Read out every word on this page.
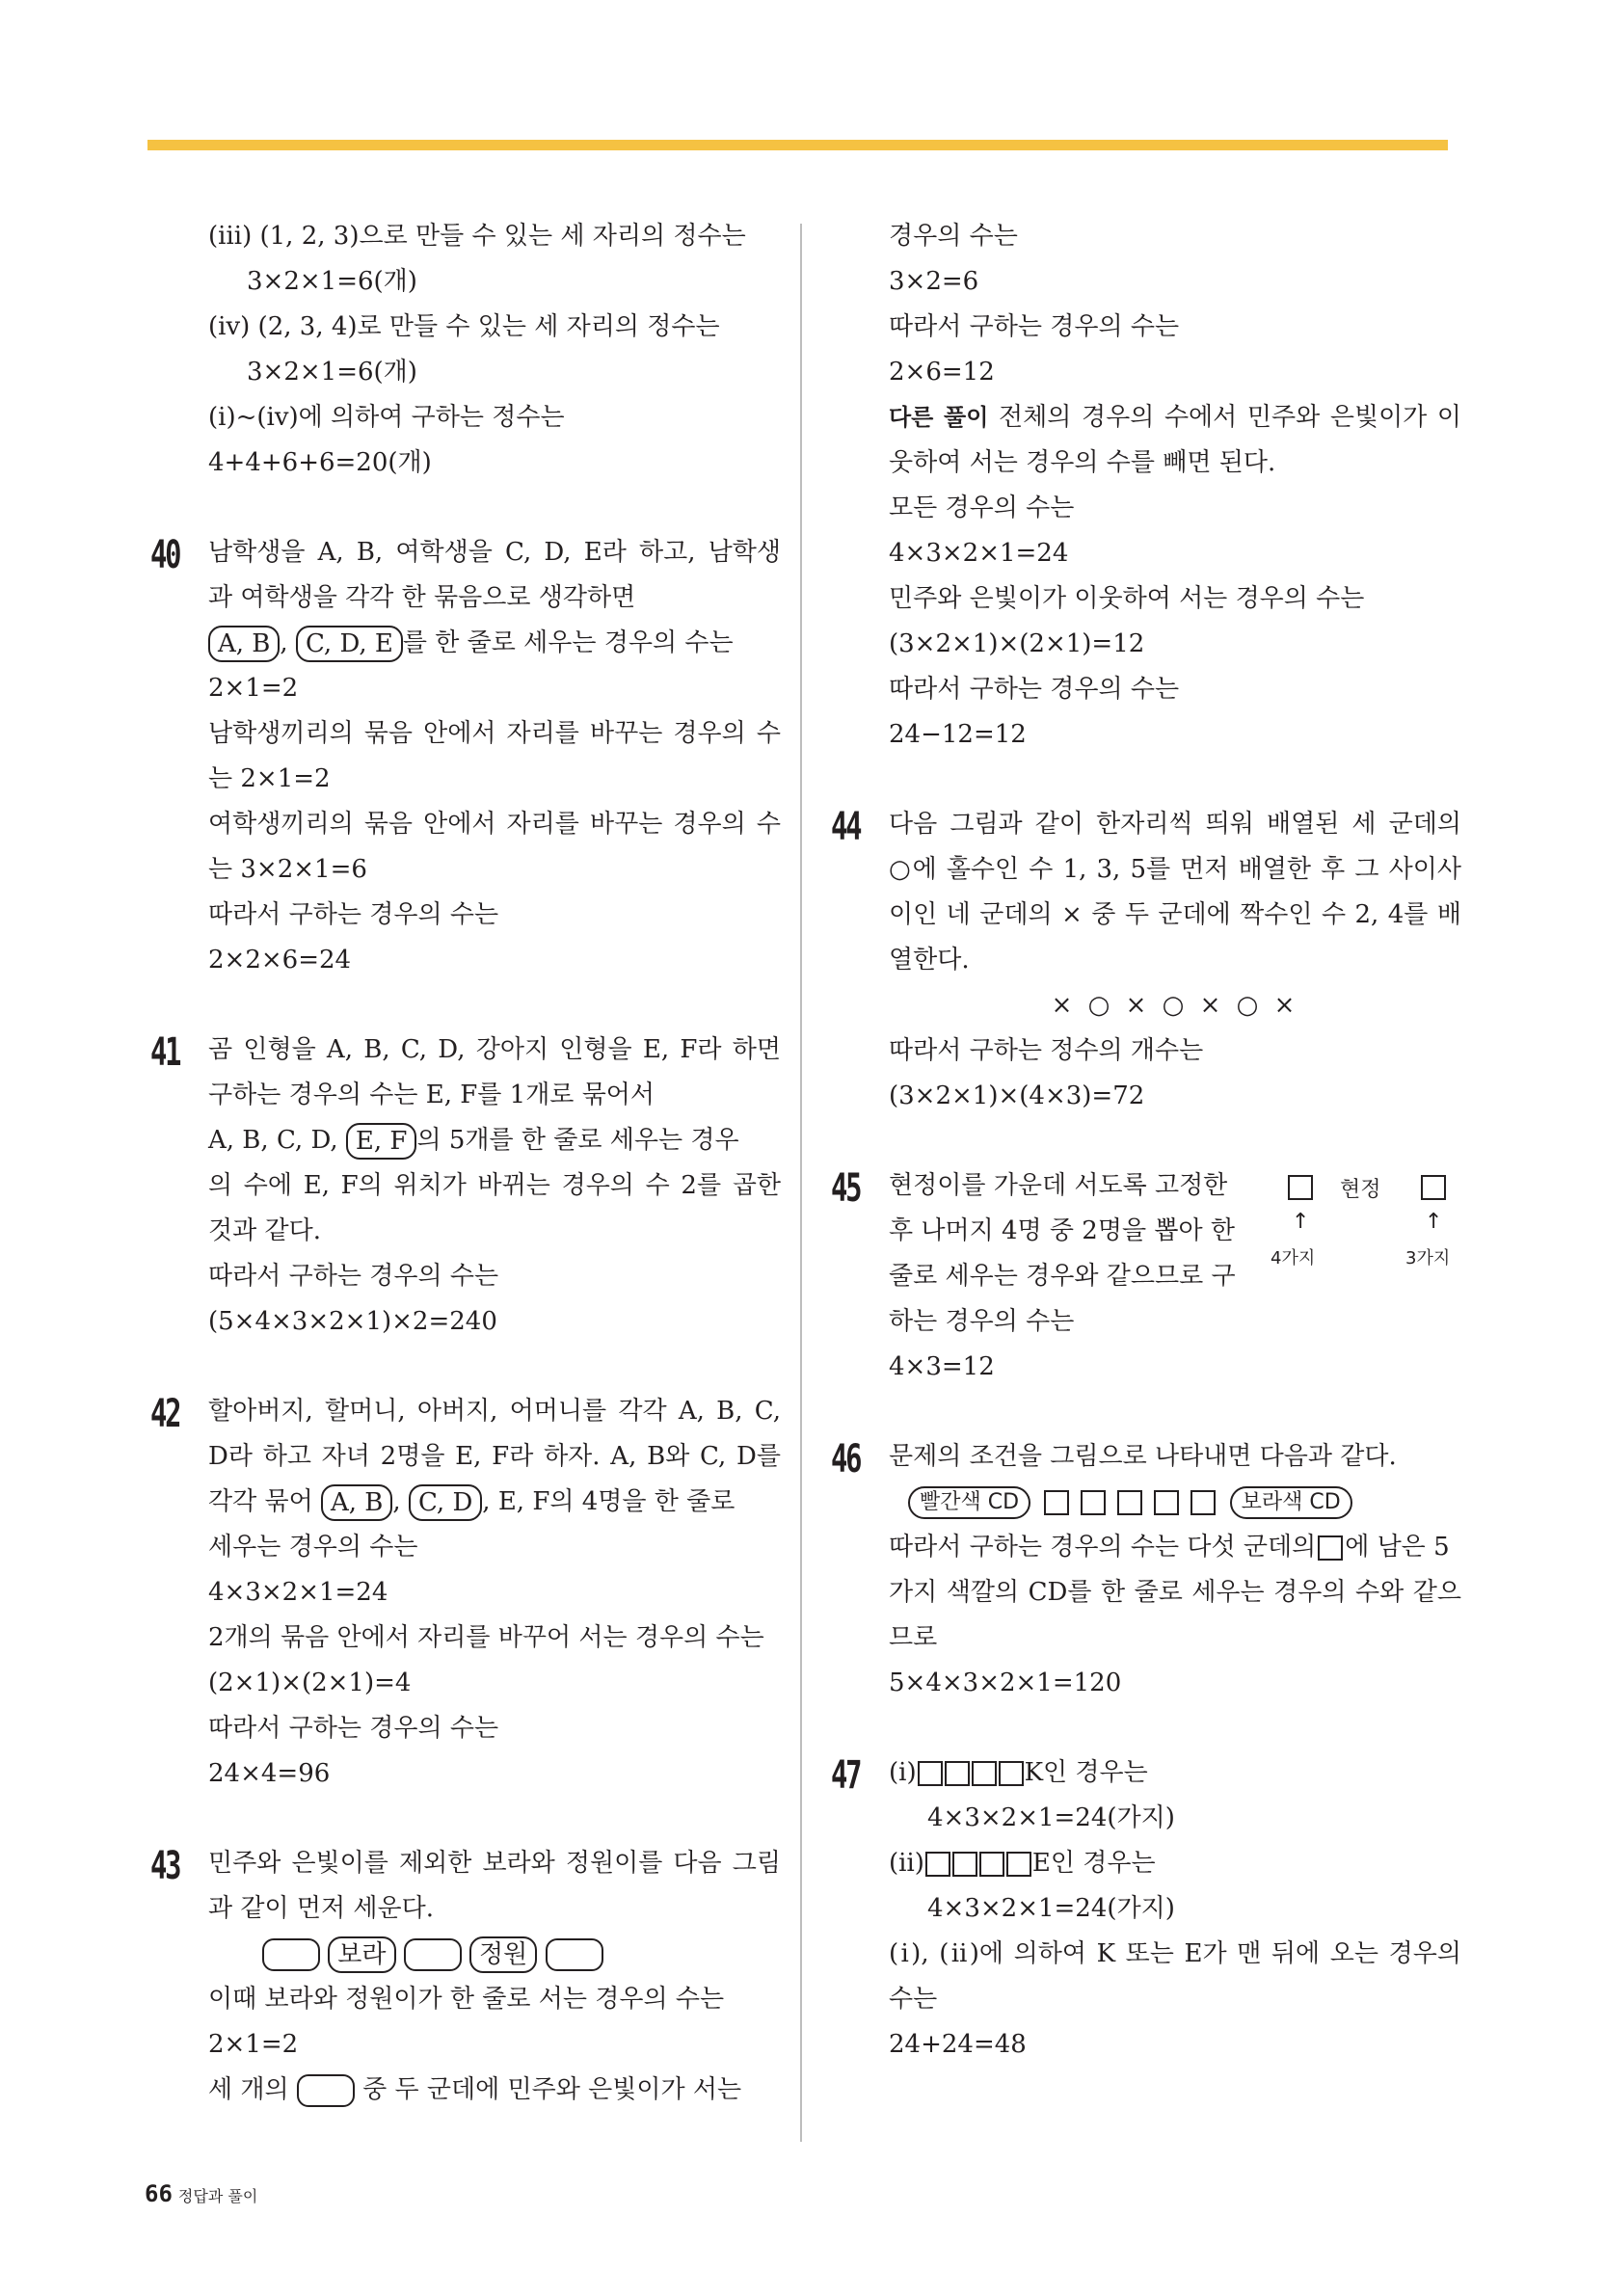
(ⅲ) (1, 2, 3)으로 만들 수 있는 세 자리의 정수는
3×2×1=6(개)
(ⅳ) (2, 3, 4)로 만들 수 있는 세 자리의 정수는
3×2×1=6(개)
(ⅰ)~(ⅳ)에 의하여 구하는 정수는
4+4+6+6=20(개)
40 남학생을 A, B, 여학생을 C, D, E라 하고, 남학생
과 여학생을 각각 한 묶음으로 생각하면
A, B , C, D, E 를 한 줄로 세우는 경우의 수는
2×1=2
남학생끼리의 묶음 안에서 자리를 바꾸는 경우의 수
는 2×1=2
여학생끼리의 묶음 안에서 자리를 바꾸는 경우의 수
는 3×2×1=6
따라서 구하는 경우의 수는
2×2×6=24
41 곰 인형을 A, B, C, D, 강아지 인형을 E, F라 하면
구하는 경우의 수는 E, F를 1개로 묶어서
A, B, C, D, E, F 의 5개를 한 줄로 세우는 경우
의 수에 E, F의 위치가 바뀌는 경우의 수 2를 곱한
것과 같다.
따라서 구하는 경우의 수는
(5×4×3×2×1)×2=240
42 할아버지, 할머니, 아버지, 어머니를 각각 A, B, C,
D라 하고 자녀 2명을 E, F라 하자. A, B와 C, D를
각각 묶어 A, B , C, D , E, F의 4명을 한 줄로
세우는 경우의 수는
4×3×2×1=24
2개의 묶음 안에서 자리를 바꾸어 서는 경우의 수는
(2×1)×(2×1)=4
따라서 구하는 경우의 수는
24×4=96
43 민주와 은빛이를 제외한 보라와 정원이를 다음 그림
과 같이 먼저 세운다.
보라	정원
이때 보라와 정원이가 한 줄로 서는 경우의 수는
2×1=2
세 개의	중 두 군데에 민주와 은빛이가 서는
경우의 수는
3×2=6
따라서 구하는 경우의 수는
2×6=12
다른 풀이 전체의 경우의 수에서 민주와 은빛이가 이
웃하여 서는 경우의 수를 빼면 된다.
모든 경우의 수는
4×3×2×1=24
민주와 은빛이가 이웃하여 서는 경우의 수는
(3×2×1)×(2×1)=12
따라서 구하는 경우의 수는
24−12=12
44 다음 그림과 같이 한자리씩 띄워 배열된 세 군데의
○에 홀수인 수 1, 3, 5를 먼저 배열한 후 그 사이사
이인 네 군데의 × 중 두 군데에 짝수인 수 2, 4를 배
열한다.
× ○ × ○ × ○ ×
따라서 구하는 정수의 개수는
(3×2×1)×(4×3)=72
45 현정이를 가운데 서도록 고정한
후 나머지 4명 중 2명을 뽑아 한
줄로 세우는 경우와 같으므로 구
하는 경우의 수는
4×3=12
현정
↑	↑
4가지	3가지
46 문제의 조건을 그림으로 나타내면 다음과 같다.
빨간색 CD	보라색 CD
따라서 구하는 경우의 수는 다섯 군데의 에 남은 5
가지 색깔의 CD를 한 줄로 세우는 경우의 수와 같으
므로
5×4×3×2×1=120
47 (ⅰ)	K인 경우는
4×3×2×1=24(가지)
(ⅱ)	E인 경우는
4×3×2×1=24(가지)
(ⅰ), (ⅱ)에 의하여 K 또는 E가 맨 뒤에 오는 경우의
수는
24+24=48
66 정답과 풀이
